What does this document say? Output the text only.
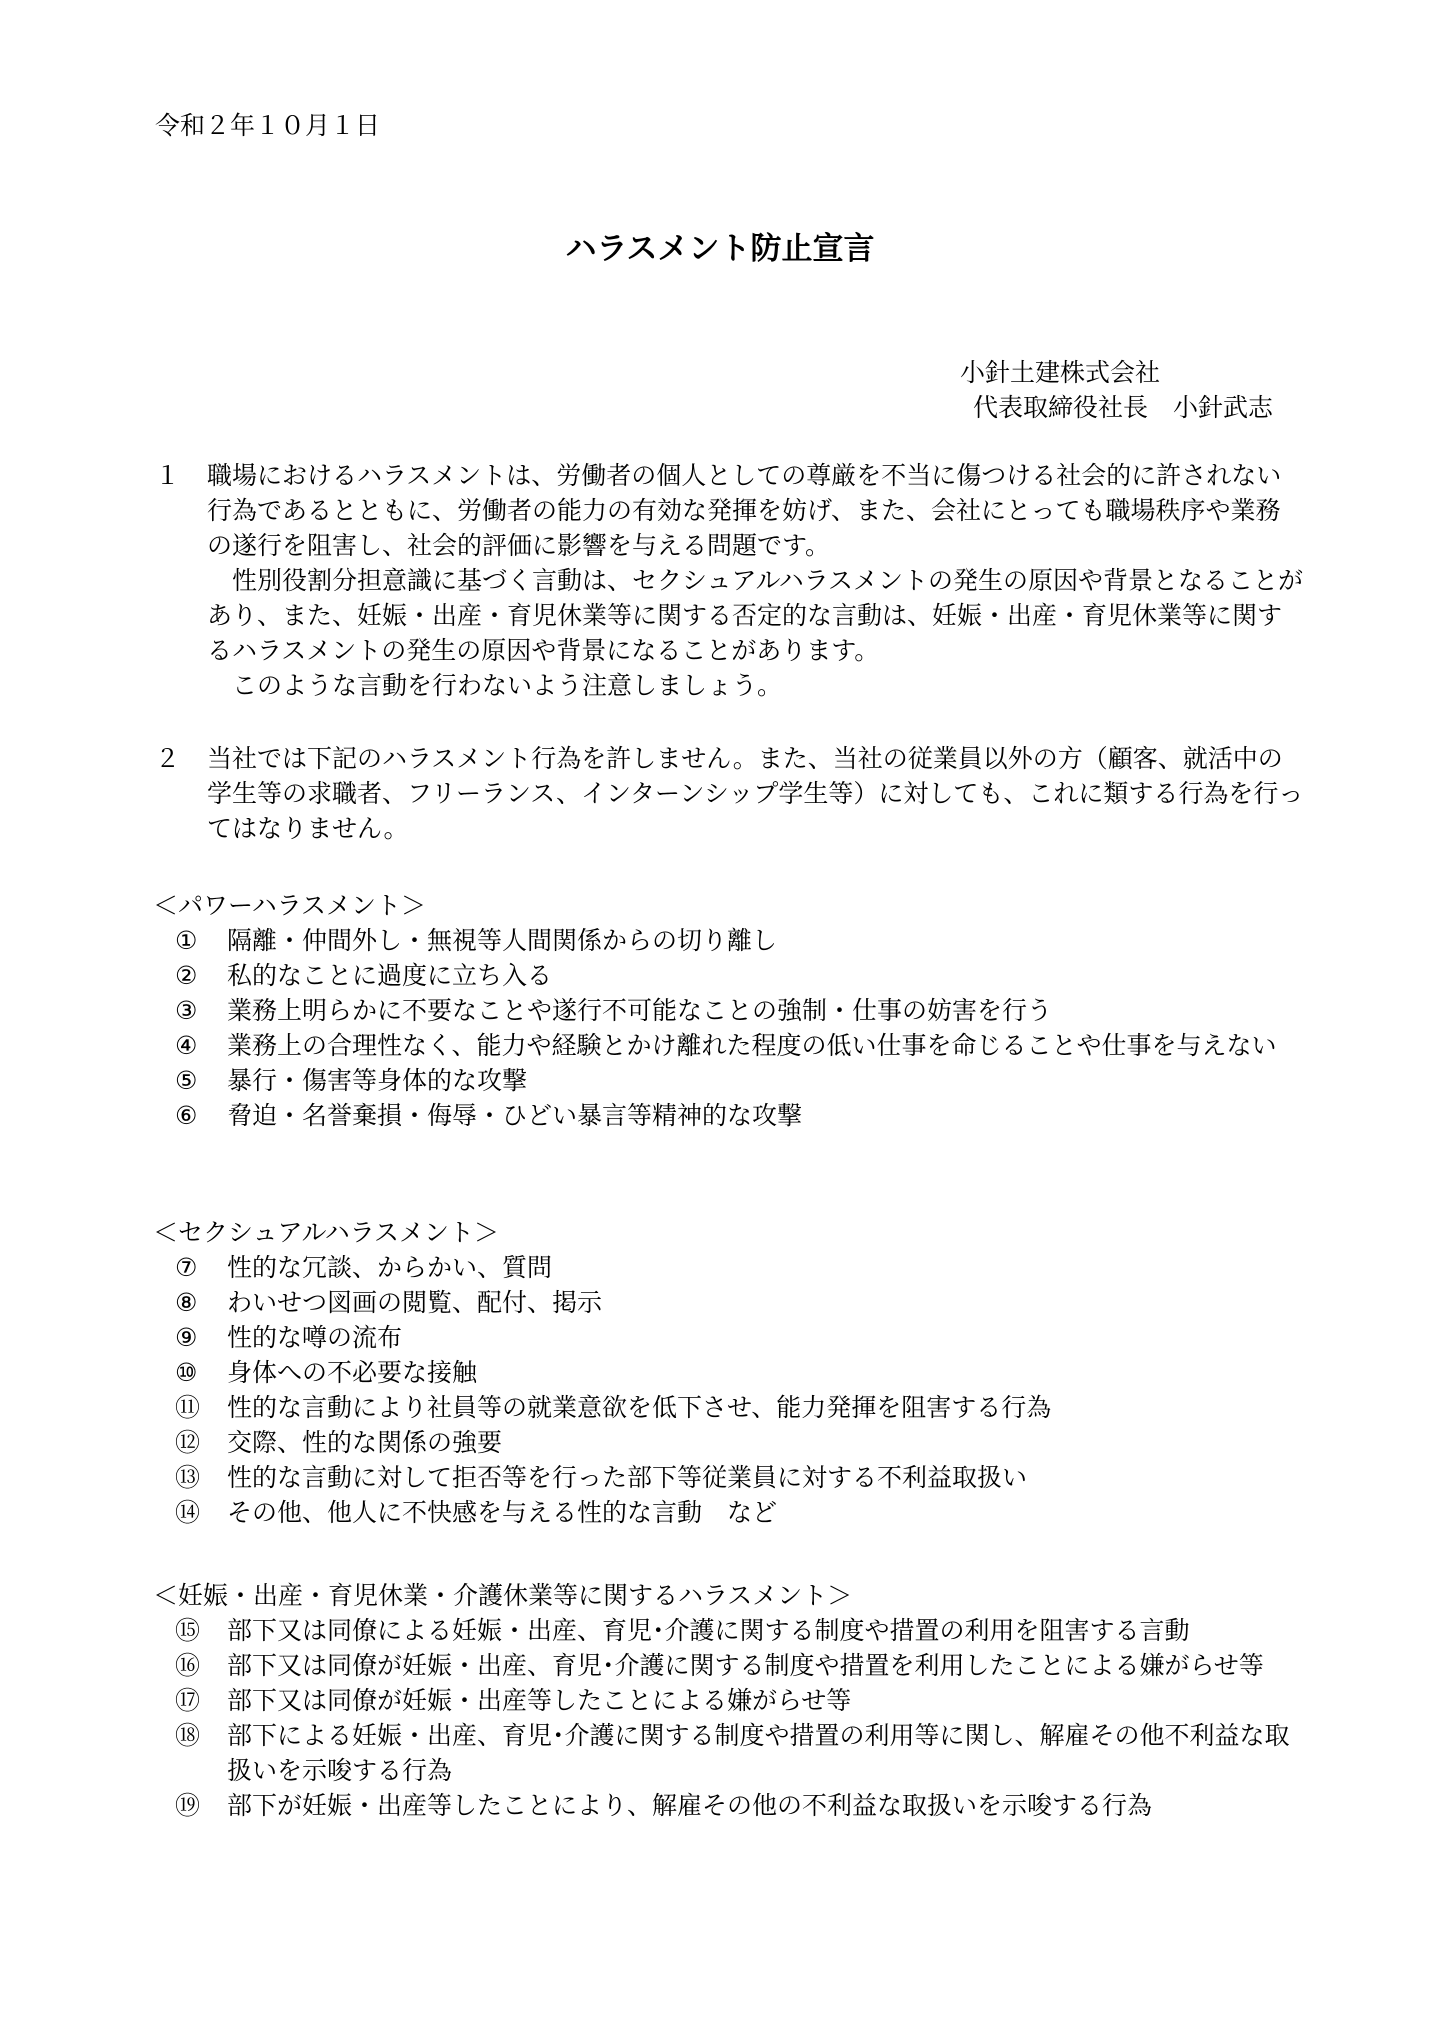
令和２年１０月１日
ハラスメント防止宣言
小針土建株式会社
代表取締役社長　小針武志
１ 職場におけるハラスメントは、労働者の個人としての尊厳を不当に傷つける社会的に許されない行為であるとともに、労働者の能力の有効な発揮を妨げ、また、会社にとっても職場秩序や業務の遂行を阻害し、社会的評価に影響を与える問題です。
性別役割分担意識に基づく言動は、セクシュアルハラスメントの発生の原因や背景となることがあり、また、妊娠・出産・育児休業等に関する否定的な言動は、妊娠・出産・育児休業等に関するハラスメントの発生の原因や背景になることがあります。
このような言動を行わないよう注意しましょう。
２ 当社では下記のハラスメント行為を許しません。また、当社の従業員以外の方（顧客、就活中の学生等の求職者、フリーランス、インターンシップ学生等）に対しても、これに類する行為を行ってはなりません。
＜パワーハラスメント＞
①	隔離・仲間外し・無視等人間関係からの切り離し
②	私的なことに過度に立ち入る
③	業務上明らかに不要なことや遂行不可能なことの強制・仕事の妨害を行う
④	業務上の合理性なく、能力や経験とかけ離れた程度の低い仕事を命じることや仕事を与えない
⑤	暴行・傷害等身体的な攻撃
⑥	脅迫・名誉棄損・侮辱・ひどい暴言等精神的な攻撃
＜セクシュアルハラスメント＞
⑦	性的な冗談、からかい、質問
⑧	わいせつ図画の閲覧、配付、掲示
⑨	性的な噂の流布
⑩	身体への不必要な接触
⑪	性的な言動により社員等の就業意欲を低下させ、能力発揮を阻害する行為
⑫	交際、性的な関係の強要
⑬	性的な言動に対して拒否等を行った部下等従業員に対する不利益取扱い
⑭	その他、他人に不快感を与える性的な言動　など
＜妊娠・出産・育児休業・介護休業等に関するハラスメント＞
⑮	部下又は同僚による妊娠・出産、育児･介護に関する制度や措置の利用を阻害する言動
⑯	部下又は同僚が妊娠・出産、育児･介護に関する制度や措置を利用したことによる嫌がらせ等
⑰	部下又は同僚が妊娠・出産等したことによる嫌がらせ等
⑱	部下による妊娠・出産、育児･介護に関する制度や措置の利用等に関し、解雇その他不利益な取扱いを示唆する行為
⑲	部下が妊娠・出産等したことにより、解雇その他の不利益な取扱いを示唆する行為
